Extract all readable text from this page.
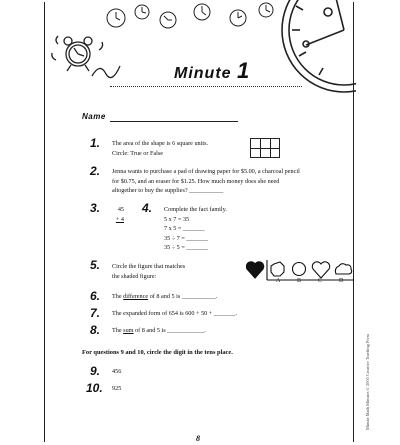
Minute 1
Name
1. The area of the shape is 6 square units.
Circle: True or False
2. Jenna wants to purchase a pad of drawing paper for $5.00, a charcoal pencil
for $0.75, and an eraser for $1.25. How much money does she need
altogether to buy the supplies? ___________
3.	45
+ 4
4. Complete the fact family.
5 x 7 = 35
7 x 5 = _______
35 ÷ 7 = _______
35 ÷ 5 = _______
5. Circle the figure that matches
the shaded figure:
A	B	C	D
6. The difference of 8 and 5 is ___________.
7. The expanded form of 654 is 600 + 50 + _______.
8. The sum of 8 and 5 is ____________.
For questions 9 and 10, circle the digit in the tens place.
9. 456
10. 925	Minute Math Minutes © 2005 Creative Teaching Press
8
